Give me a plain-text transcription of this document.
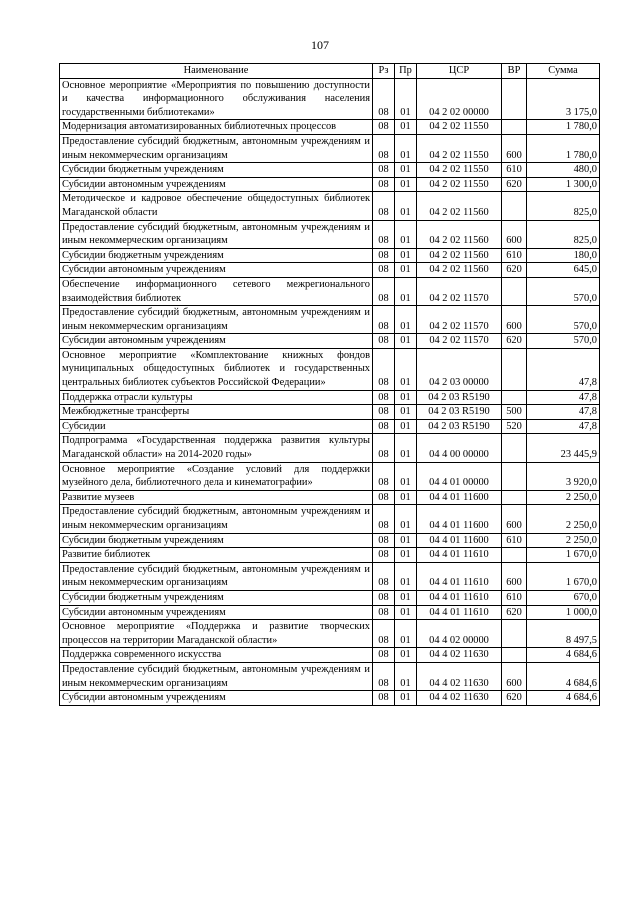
107
Наименование	Рз	Пр	ЦСР	ВР	Сумма
Основное мероприятие «Мероприятия по повышению доступности и качества информационного обслуживания населения государственными библиотеками»	08	01	04 2 02 00000		3 175,0
Модернизация автоматизированных библиотечных процессов	08	01	04 2 02 11550		1 780,0
Предоставление субсидий бюджетным, автономным учреждениям и иным некоммерческим организациям	08	01	04 2 02 11550	600	1 780,0
Субсидии бюджетным учреждениям	08	01	04 2 02 11550	610	480,0
Субсидии автономным учреждениям	08	01	04 2 02 11550	620	1 300,0
Методическое и кадровое обеспечение общедоступных библиотек Магаданской области	08	01	04 2 02 11560		825,0
Предоставление субсидий бюджетным, автономным учреждениям и иным некоммерческим организациям	08	01	04 2 02 11560	600	825,0
Субсидии бюджетным учреждениям	08	01	04 2 02 11560	610	180,0
Субсидии автономным учреждениям	08	01	04 2 02 11560	620	645,0
Обеспечение информационного сетевого межрегионального взаимодействия библиотек	08	01	04 2 02 11570		570,0
Предоставление субсидий бюджетным, автономным учреждениям и иным некоммерческим организациям	08	01	04 2 02 11570	600	570,0
Субсидии автономным учреждениям	08	01	04 2 02 11570	620	570,0
Основное мероприятие «Комплектование книжных фондов муниципальных общедоступных библиотек и государственных центральных библиотек субъектов Российской Федерации»	08	01	04 2 03 00000		47,8
Поддержка отрасли культуры	08	01	04 2 03 R5190		47,8
Межбюджетные трансферты	08	01	04 2 03 R5190	500	47,8
Субсидии	08	01	04 2 03 R5190	520	47,8
Подпрограмма «Государственная поддержка развития культуры Магаданской области» на 2014-2020 годы»	08	01	04 4 00 00000		23 445,9
Основное мероприятие «Создание условий для поддержки музейного дела, библиотечного дела и кинематографии»	08	01	04 4 01 00000		3 920,0
Развитие музеев	08	01	04 4 01 11600		2 250,0
Предоставление субсидий бюджетным, автономным учреждениям и иным некоммерческим организациям	08	01	04 4 01 11600	600	2 250,0
Субсидии бюджетным учреждениям	08	01	04 4 01 11600	610	2 250,0
Развитие библиотек	08	01	04 4 01 11610		1 670,0
Предоставление субсидий бюджетным, автономным учреждениям и иным некоммерческим организациям	08	01	04 4 01 11610	600	1 670,0
Субсидии бюджетным учреждениям	08	01	04 4 01 11610	610	670,0
Субсидии автономным учреждениям	08	01	04 4 01 11610	620	1 000,0
Основное мероприятие «Поддержка и развитие творческих процессов на территории Магаданской области»	08	01	04 4 02 00000		8 497,5
Поддержка современного искусства	08	01	04 4 02 11630		4 684,6
Предоставление субсидий бюджетным, автономным учреждениям и иным некоммерческим организациям	08	01	04 4 02 11630	600	4 684,6
Субсидии автономным учреждениям	08	01	04 4 02 11630	620	4 684,6
